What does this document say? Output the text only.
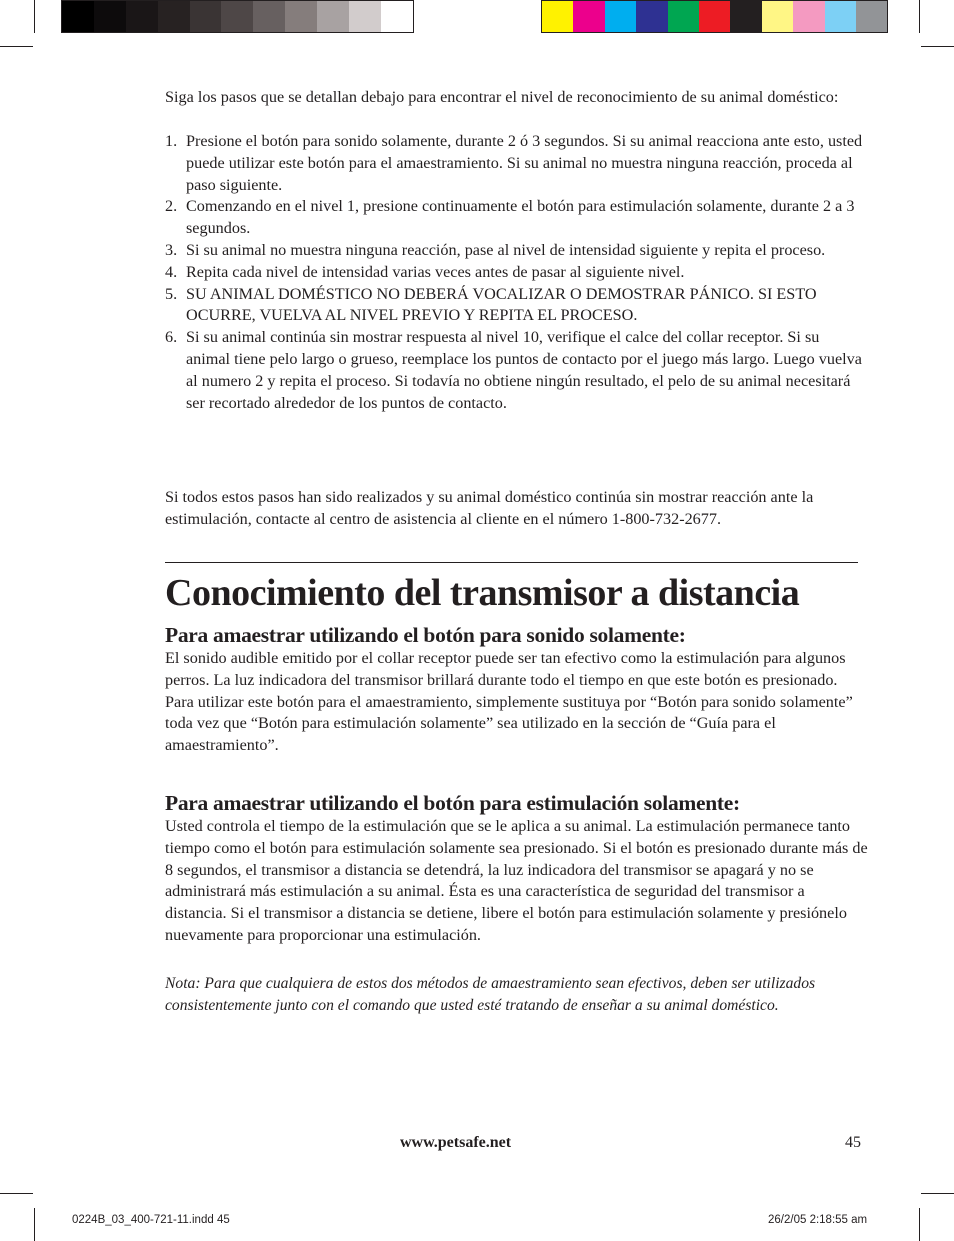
Siga los pasos que se detallan debajo para encontrar el nivel de reconocimiento de su animal doméstico:
1. Presione el botón para sonido solamente, durante 2 ó 3 segundos. Si su animal reacciona ante esto, usted puede utilizar este botón para el amaestramiento. Si su animal no muestra ninguna reacción, proceda al paso siguiente.
2. Comenzando en el nivel 1, presione continuamente el botón para estimulación solamente, durante 2 a 3 segundos.
3. Si su animal no muestra ninguna reacción, pase al nivel de intensidad siguiente y repita el proceso.
4. Repita cada nivel de intensidad varias veces antes de pasar al siguiente nivel.
5. SU ANIMAL DOMÉSTICO NO DEBERÁ VOCALIZAR O DEMOSTRAR PÁNICO. SI ESTO OCURRE, VUELVA AL NIVEL PREVIO Y REPITA EL PROCESO.
6. Si su animal continúa sin mostrar respuesta al nivel 10, verifique el calce del collar receptor. Si su animal tiene pelo largo o grueso, reemplace los puntos de contacto por el juego más largo. Luego vuelva al numero 2 y repita el proceso. Si todavía no obtiene ningún resultado, el pelo de su animal necesitará ser recortado alrededor de los puntos de contacto.
Si todos estos pasos han sido realizados y su animal doméstico continúa sin mostrar reacción ante la estimulación, contacte al centro de asistencia al cliente en el número 1-800-732-2677.
Conocimiento del transmisor a distancia
Para amaestrar utilizando el botón para sonido solamente:
El sonido audible emitido por el collar receptor puede ser tan efectivo como la estimulación para algunos perros. La luz indicadora del transmisor brillará durante todo el tiempo en que este botón es presionado. Para utilizar este botón para el amaestramiento, simplemente sustituya por “Botón para sonido solamente” toda vez que “Botón para estimulación solamente” sea utilizado en la sección de “Guía para el amaestramiento”.
Para amaestrar utilizando el botón para estimulación solamente:
Usted controla el tiempo de la estimulación que se le aplica a su animal. La estimulación permanece tanto tiempo como el botón para estimulación solamente sea presionado. Si el botón es presionado durante más de 8 segundos, el transmisor a distancia se detendrá, la luz indicadora del transmisor se apagará y no se administrará más estimulación a su animal. Ésta es una característica de seguridad del transmisor a distancia. Si el transmisor a distancia se detiene, libere el botón para estimulación solamente y presiónelo nuevamente para proporcionar una estimulación.
Nota: Para que cualquiera de estos dos métodos de amaestramiento sean efectivos, deben ser utilizados consistentemente junto con el comando que usted esté tratando de enseñar a su animal doméstico.
www.petsafe.net	45
0224B_03_400-721-11.indd 45	26/2/05 2:18:55 am
